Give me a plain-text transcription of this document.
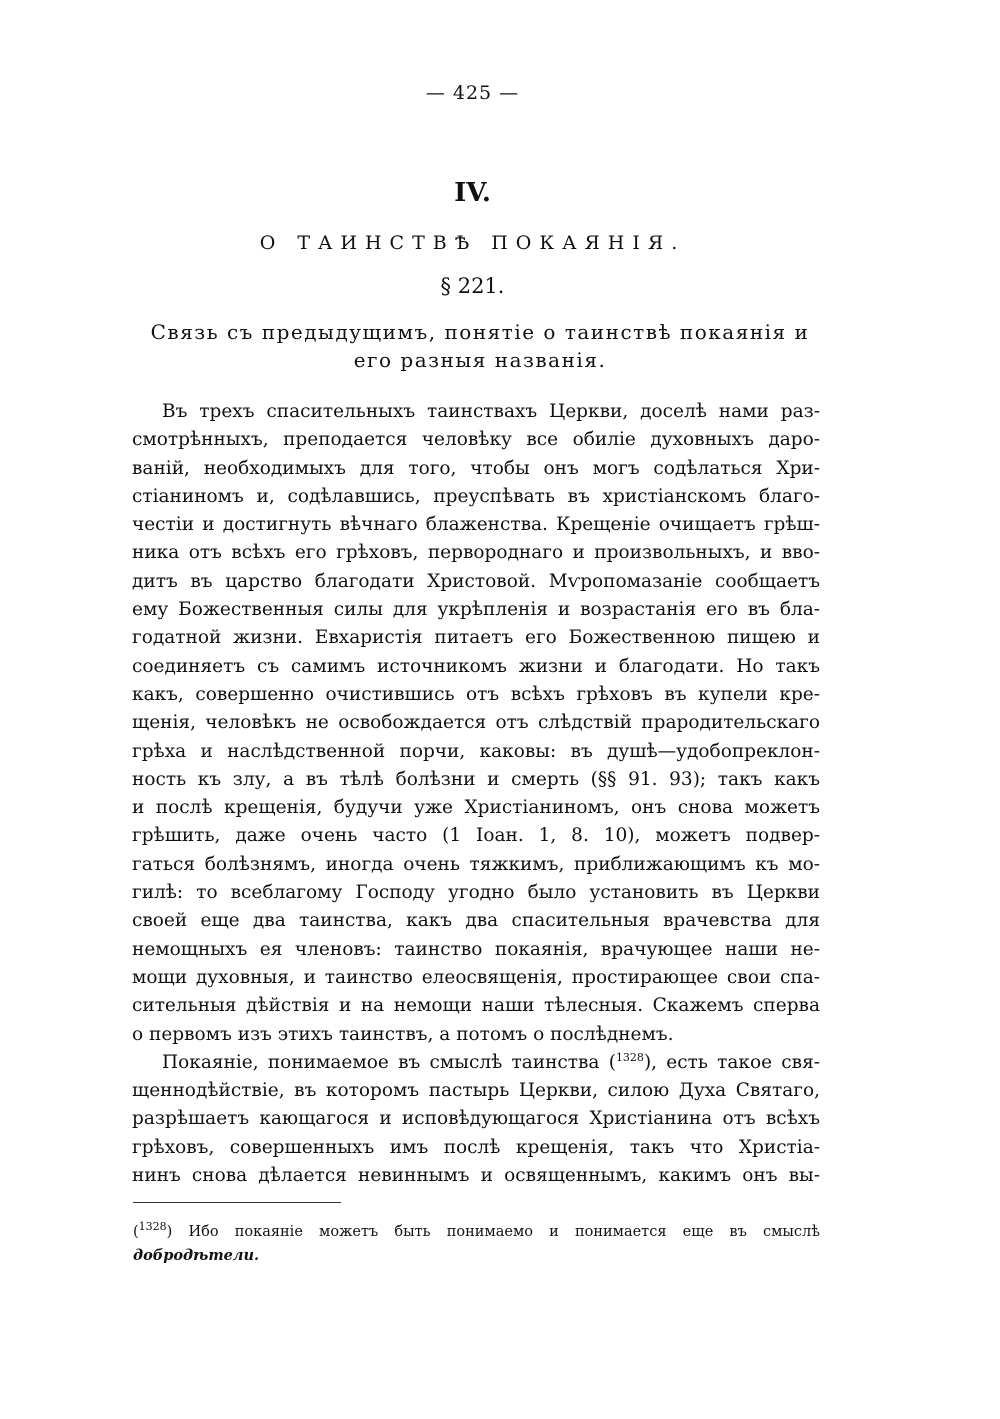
— 425 —
IV.
О ТАИНСТВѢ ПОКАЯНІЯ.
§ 221.
Связь съ предыдущимъ, понятіе о таинствѣ покаянія и его разныя названія.
Въ трехъ спасительныхъ таинствахъ Церкви, доселѣ нами раз-
смотрѣнныхъ, преподается человѣку все обиліе духовныхъ даро-
ваній, необходимыхъ для того, чтобы онъ могъ содѣлаться Хри-
стіаниномъ и, содѣлавшись, преуспѣвать въ христіанскомъ благо-
честіи и достигнуть вѣчнаго блаженства. Крещеніе очищаетъ грѣш-
ника отъ всѣхъ его грѣховъ, первороднаго и произвольныхъ, и вво-
дитъ въ царство благодати Христовой. Мѵропомазаніе сообщаетъ
ему Божественныя силы для укрѣпленія и возрастанія его въ бла-
годатной жизни. Евхаристія питаетъ его Божественною пищею и
соединяетъ съ самимъ источникомъ жизни и благодати. Но такъ
какъ, совершенно очистившись отъ всѣхъ грѣховъ въ купели кре-
щенія, человѣкъ не освобождается отъ слѣдствій прародительскаго
грѣха и наслѣдственной порчи, каковы: въ душѣ—удобопреклон-
ность къ злу, а въ тѣлѣ болѣзни и смерть (§§ 91. 93); такъ какъ
и послѣ крещенія, будучи уже Христіаниномъ, онъ снова можетъ
грѣшить, даже очень часто (1 Іоан. 1, 8. 10), можетъ подвер-
гаться болѣзнямъ, иногда очень тяжкимъ, приближающимъ къ мо-
гилѣ: то всеблагому Господу угодно было установить въ Церкви
своей еще два таинства, какъ два спасительныя врачевства для
немощныхъ ея членовъ: таинство покаянія, врачующее наши не-
мощи духовныя, и таинство елеосвященія, простирающее свои спа-
сительныя дѣйствія и на немощи наши тѣлесныя. Скажемъ сперва
о первомъ изъ этихъ таинствъ, а потомъ о послѣднемъ.
Покаяніе, понимаемое въ смыслѣ таинства ($^{1328}$), есть такое свя-
щеннодѣйствіе, въ которомъ пастырь Церкви, силою Духа Святаго,
разрѣшаетъ кающагося и исповѣдующагося Христіанина отъ всѣхъ
грѣховъ, совершенныхъ имъ послѣ крещенія, такъ что Христіа-
нинъ снова дѣлается невиннымъ и освященнымъ, какимъ онъ вы-
($^{1328}$) Ибо покаяніе можетъ быть понимаемо и понимается еще въ смыслѣ
добродѣтели.
